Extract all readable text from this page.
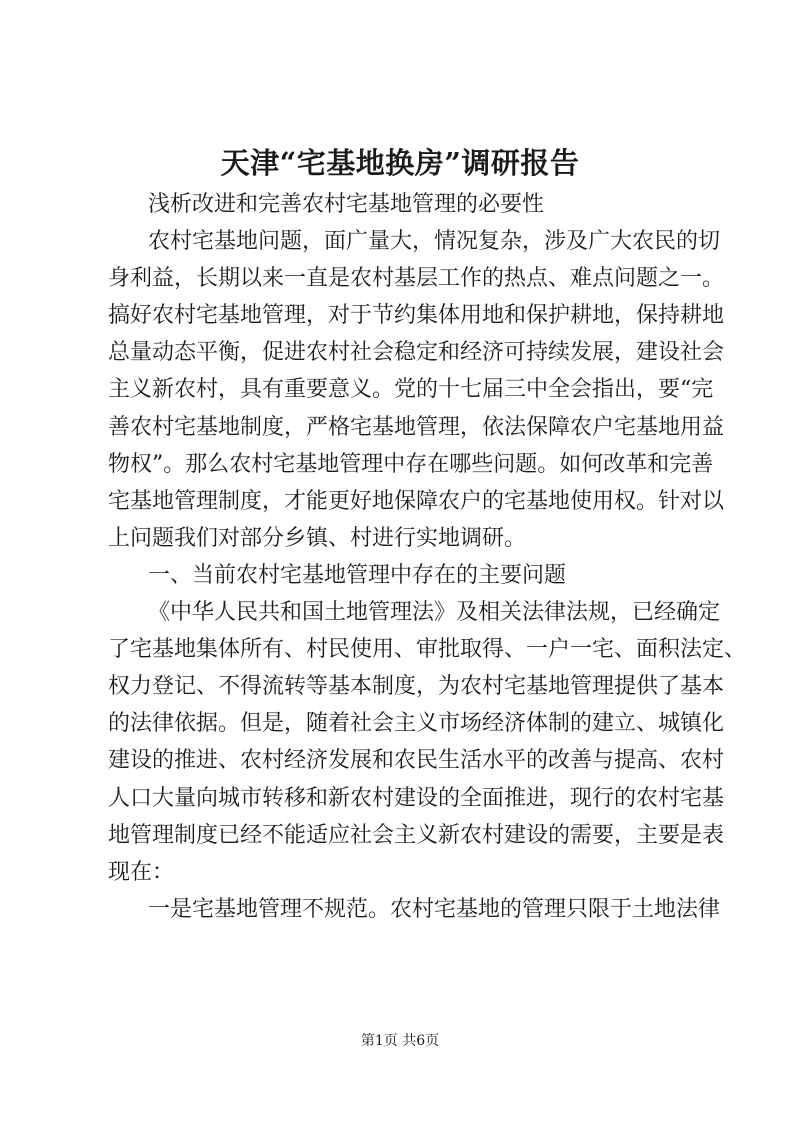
天津“宅基地换房”调研报告
浅析改进和完善农村宅基地管理的必要性
农村宅基地问题，面广量大，情况复杂，涉及广大农民的切
身利益，长期以来一直是农村基层工作的热点、难点问题之一。
搞好农村宅基地管理，对于节约集体用地和保护耕地，保持耕地
总量动态平衡，促进农村社会稳定和经济可持续发展，建设社会
主义新农村，具有重要意义。党的十七届三中全会指出，要“完
善农村宅基地制度，严格宅基地管理，依法保障农户宅基地用益
物权”。那么农村宅基地管理中存在哪些问题。如何改革和完善
宅基地管理制度，才能更好地保障农户的宅基地使用权。针对以
上问题我们对部分乡镇、村进行实地调研。
一、当前农村宅基地管理中存在的主要问题
《中华人民共和国土地管理法》及相关法律法规，已经确定
了宅基地集体所有、村民使用、审批取得、一户一宅、面积法定、
权力登记、不得流转等基本制度，为农村宅基地管理提供了基本
的法律依据。但是，随着社会主义市场经济体制的建立、城镇化
建设的推进、农村经济发展和农民生活水平的改善与提高、农村
人口大量向城市转移和新农村建设的全面推进，现行的农村宅基
地管理制度已经不能适应社会主义新农村建设的需要，主要是表
现在：
一是宅基地管理不规范。农村宅基地的管理只限于土地法律
第1页 共6页
